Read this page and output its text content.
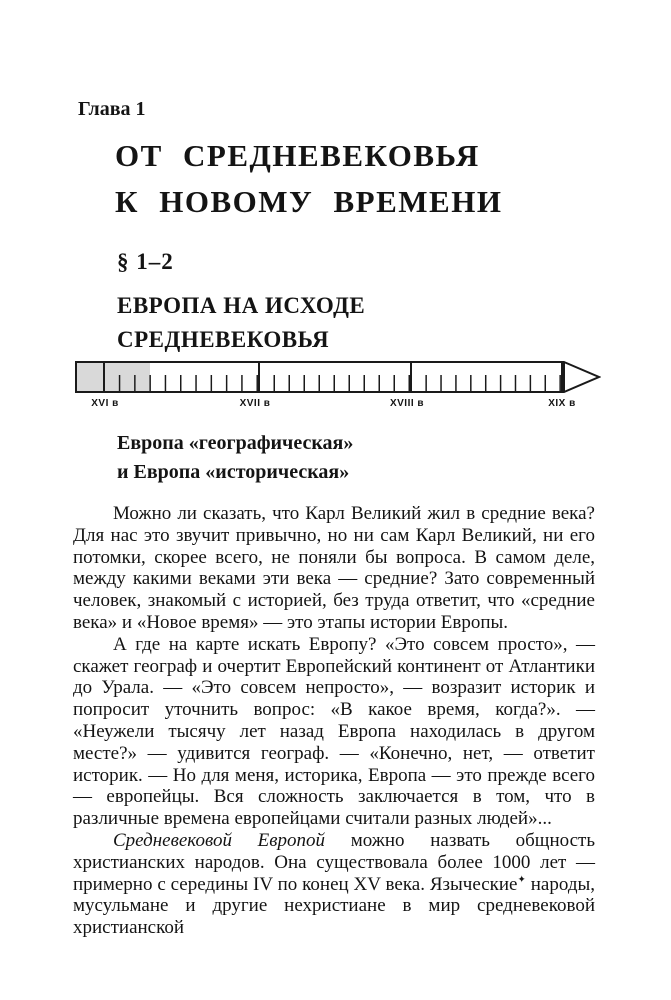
Глава 1
ОТ СРЕДНЕВЕКОВЬЯ
К НОВОМУ ВРЕМЕНИ
§ 1–2
ЕВРОПА НА ИСХОДЕ
СРЕДНЕВЕКОВЬЯ
XVI в	XVII в	XVIII в	XIX в
Европа «географическая»
и Европа «историческая»

Можно ли сказать, что Карл Великий жил в средние века? Для нас это звучит привычно, но ни сам Карл Великий, ни его потомки, скорее всего, не поняли бы вопроса. В самом деле, между какими веками эти века — средние? Зато современный человек, знакомый с историей, без труда ответит, что «средние века» и «Новое время» — это этапы истории Европы.

А где на карте искать Европу? «Это совсем просто», — скажет географ и очертит Европейский континент от Атлантики до Урала. — «Это совсем непросто», — возразит историк и попросит уточнить вопрос: «В какое время, когда?». — «Неужели тысячу лет назад Европа находилась в другом месте?» — удивится географ. — «Конечно, нет, — ответит историк. — Но для меня, историка, Европа — это прежде всего — европейцы. Вся сложность заключается в том, что в различные времена европейцами считали разных людей»...

Средневековой Европой можно назвать общность христианских народов. Она существовала более 1000 лет — примерно с середины IV по конец XV века. Языческие✦ народы, мусульмане и другие нехристиане в мир средневековой христианской
